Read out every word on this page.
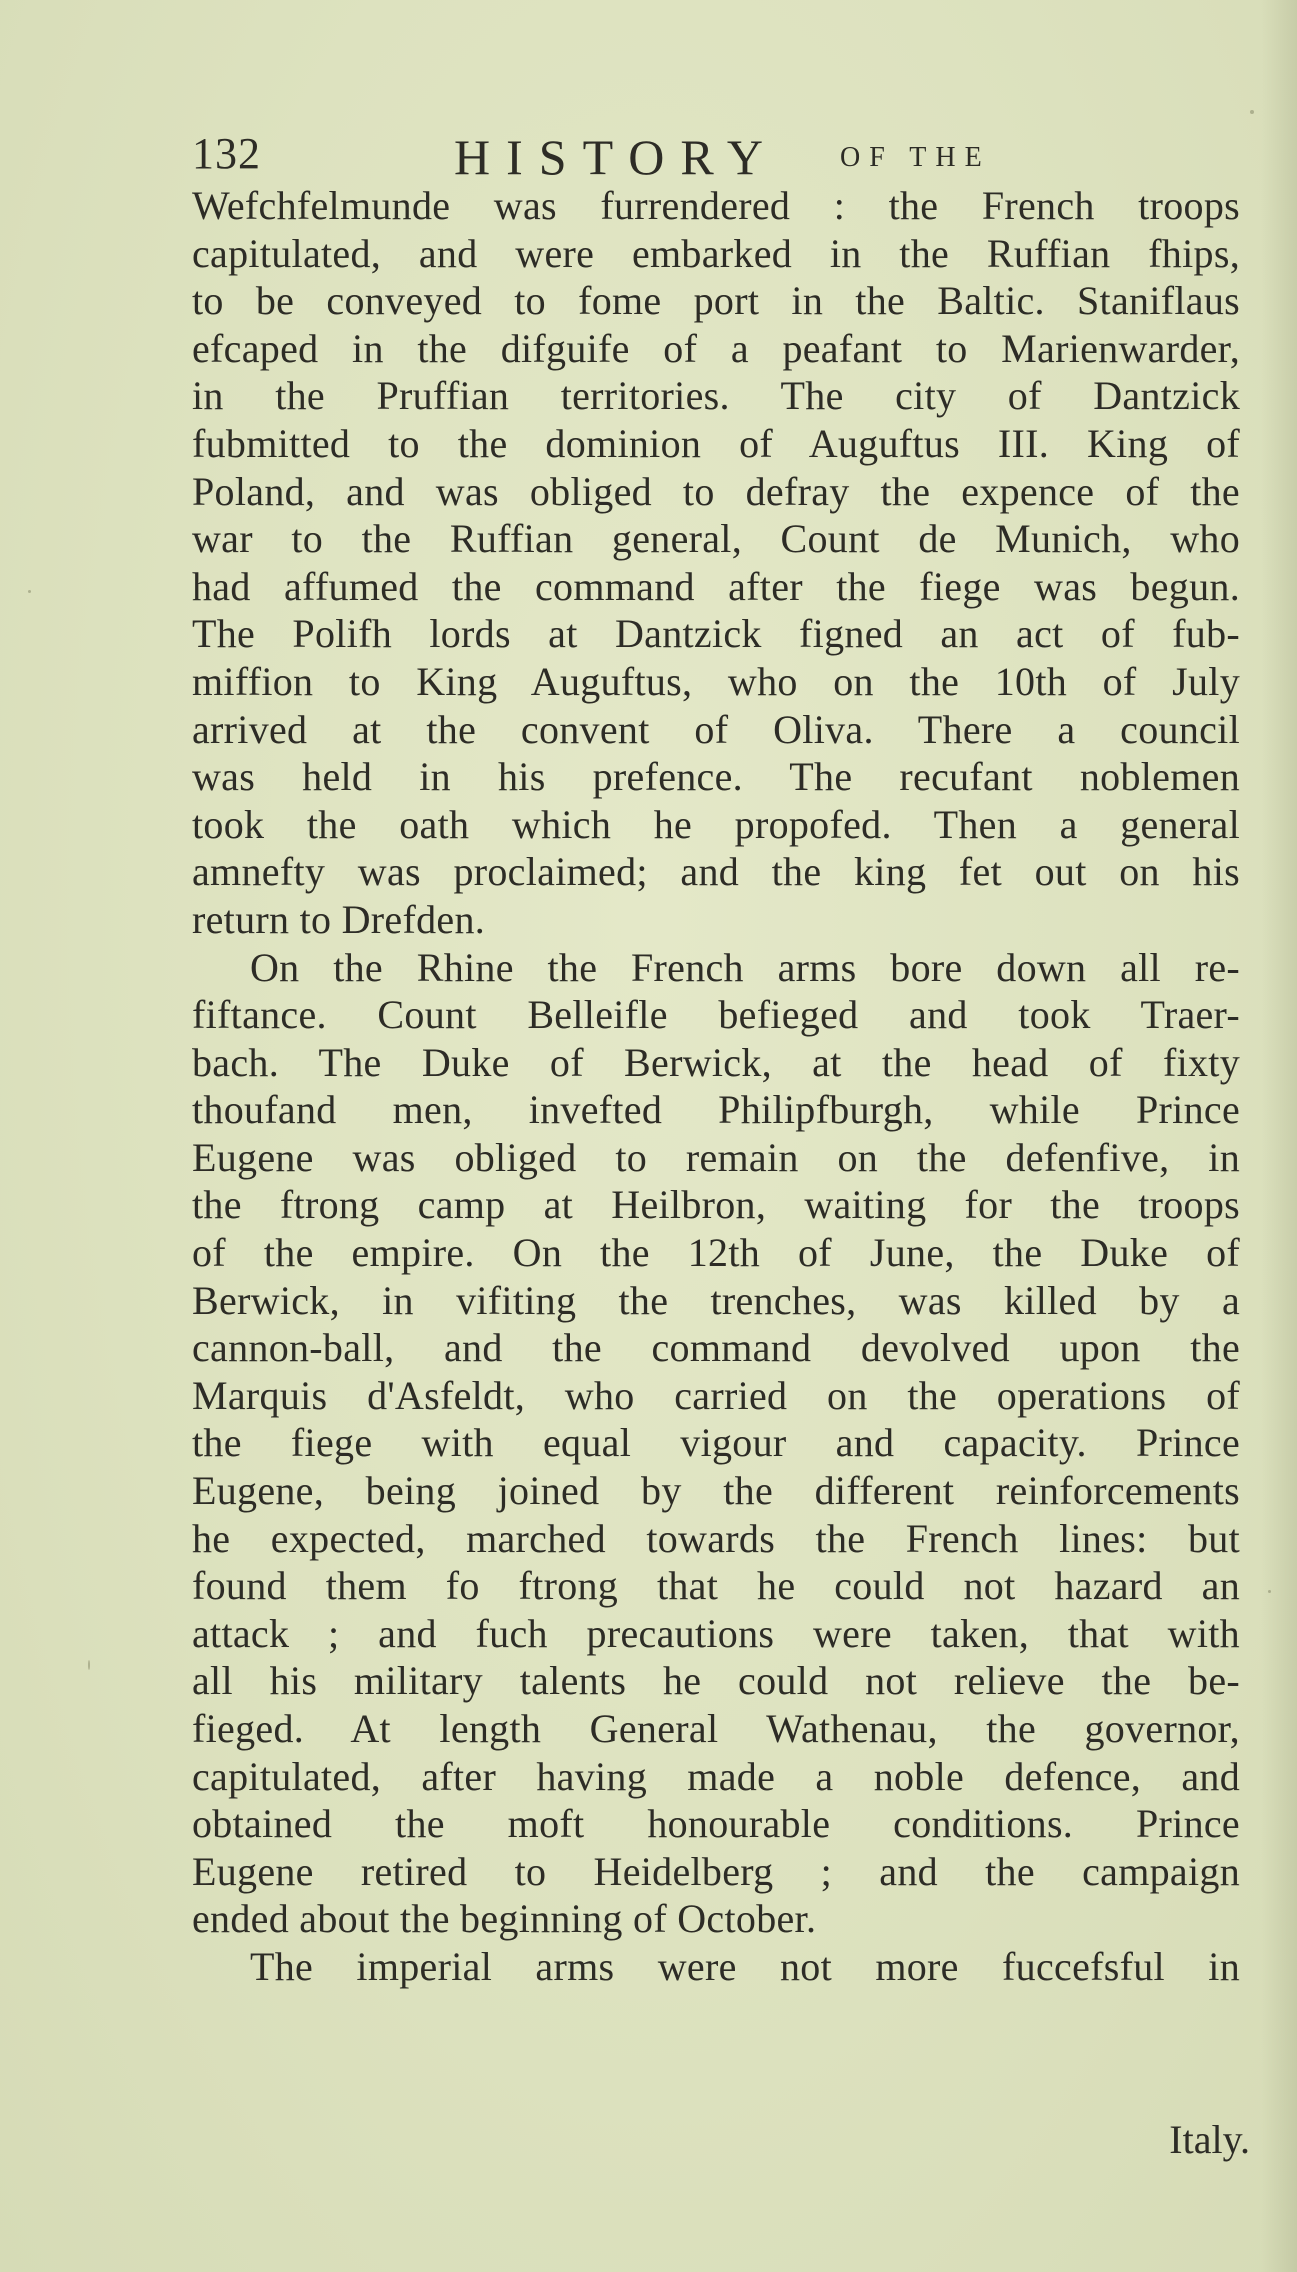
132	HISTORY OF THE
Wefchfelmunde was furrendered : the French troops
capitulated, and were embarked in the Ruffian fhips,
to be conveyed to fome port in the Baltic. Staniflaus
efcaped in the difguife of a peafant to Marienwarder,
in the Pruffian territories. The city of Dantzick
fubmitted to the dominion of Auguftus III. King of
Poland, and was obliged to defray the expence of the
war to the Ruffian general, Count de Munich, who
had affumed the command after the fiege was begun.
The Polifh lords at Dantzick figned an act of fub-
miffion to King Auguftus, who on the 10th of July
arrived at the convent of Oliva. There a council
was held in his prefence. The recufant noblemen
took the oath which he propofed. Then a general
amnefty was proclaimed; and the king fet out on his
return to Drefden.
On the Rhine the French arms bore down all re-
fiftance. Count Belleifle befieged and took Traer-
bach. The Duke of Berwick, at the head of fixty
thoufand men, invefted Philipfburgh, while Prince
Eugene was obliged to remain on the defenfive, in
the ftrong camp at Heilbron, waiting for the troops
of the empire. On the 12th of June, the Duke of
Berwick, in vifiting the trenches, was killed by a
cannon-ball, and the command devolved upon the
Marquis d'Asfeldt, who carried on the operations of
the fiege with equal vigour and capacity. Prince
Eugene, being joined by the different reinforcements
he expected, marched towards the French lines: but
found them fo ftrong that he could not hazard an
attack ; and fuch precautions were taken, that with
all his military talents he could not relieve the be-
fieged. At length General Wathenau, the governor,
capitulated, after having made a noble defence, and
obtained the moft honourable conditions. Prince
Eugene retired to Heidelberg ; and the campaign
ended about the beginning of October.
The imperial arms were not more fuccefsful in
Italy.
